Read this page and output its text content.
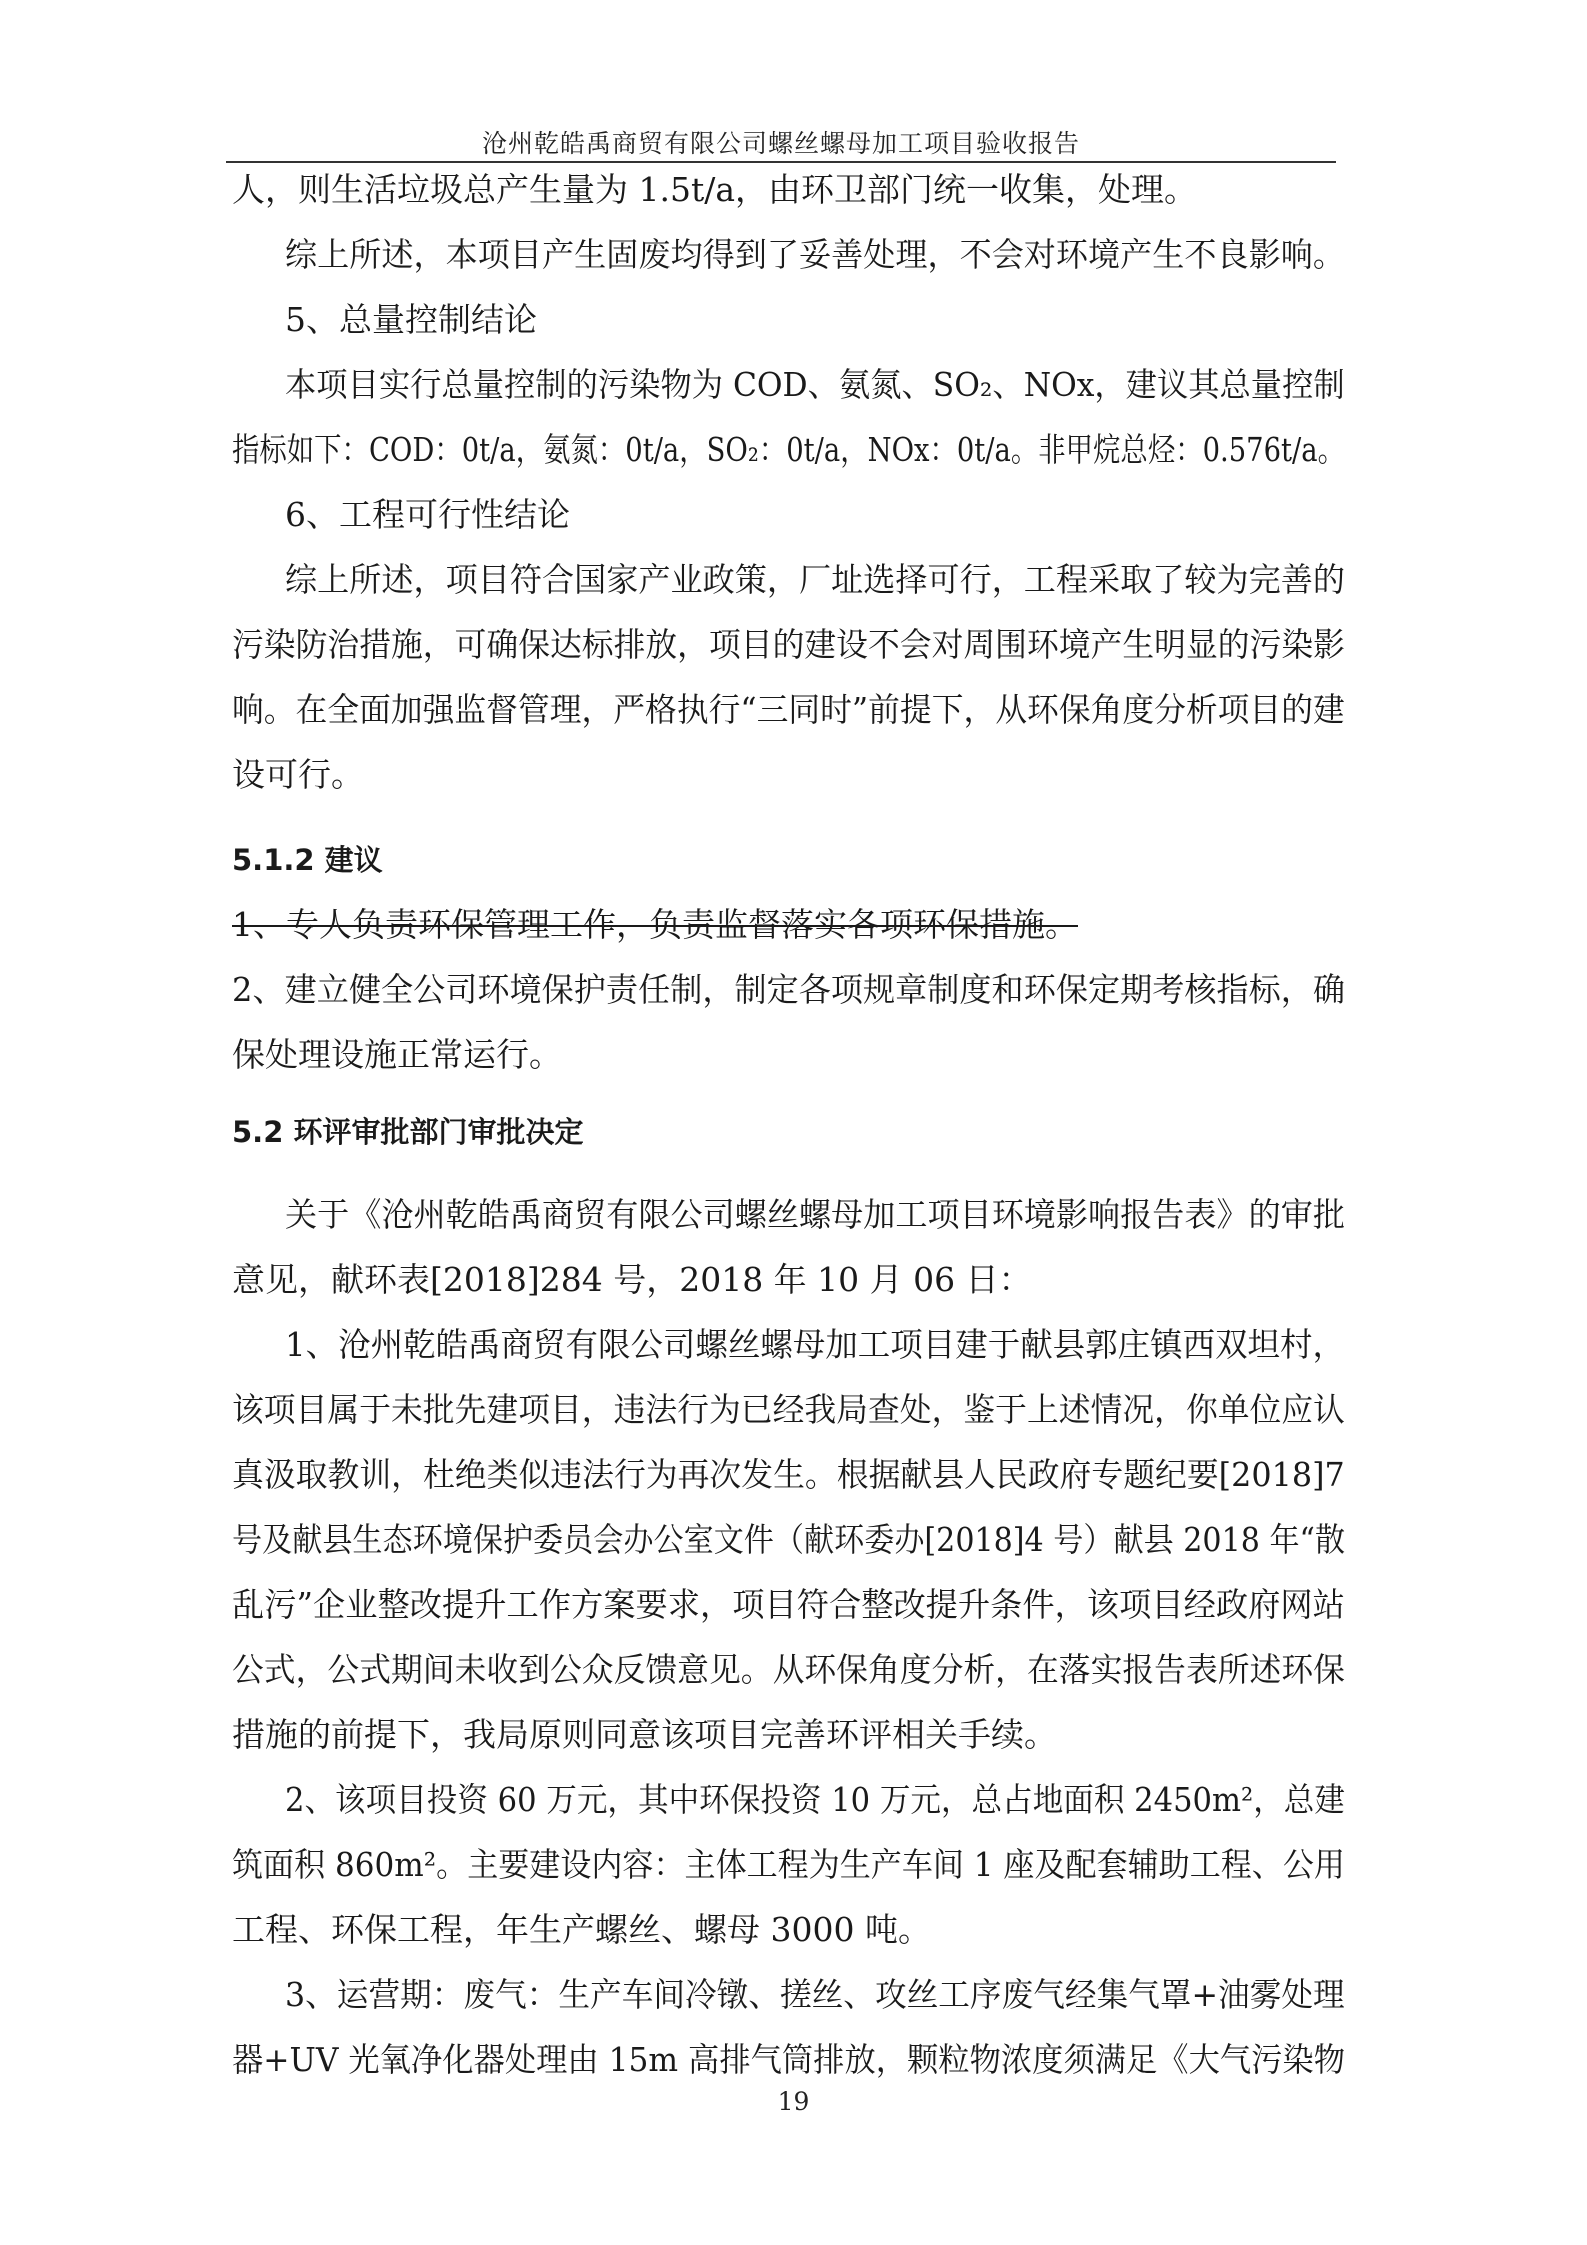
沧州乾皓禹商贸有限公司螺丝螺母加工项目验收报告
人，则生活垃圾总产生量为 1.5t/a，由环卫部门统一收集，处理。
综上所述，本项目产生固废均得到了妥善处理，不会对环境产生不良影响。
5、总量控制结论
本项目实行总量控制的污染物为 COD、氨氮、SO₂、NOx，建议其总量控制
指标如下：COD：0t/a，氨氮：0t/a，SO₂：0t/a，NOx：0t/a。非甲烷总烃：0.576t/a。
6、工程可行性结论
综上所述，项目符合国家产业政策，厂址选择可行，工程采取了较为完善的
污染防治措施，可确保达标排放，项目的建设不会对周围环境产生明显的污染影
响。在全面加强监督管理，严格执行“三同时”前提下，从环保角度分析项目的建
设可行。
5.1.2 建议
1、专人负责环保管理工作，负责监督落实各项环保措施。
2、建立健全公司环境保护责任制，制定各项规章制度和环保定期考核指标，确
保处理设施正常运行。
5.2 环评审批部门审批决定
关于《沧州乾皓禹商贸有限公司螺丝螺母加工项目环境影响报告表》的审批
意见，献环表[2018]284 号，2018 年 10 月 06 日：
1、沧州乾皓禹商贸有限公司螺丝螺母加工项目建于献县郭庄镇西双坦村，
该项目属于未批先建项目，违法行为已经我局查处，鉴于上述情况，你单位应认
真汲取教训，杜绝类似违法行为再次发生。根据献县人民政府专题纪要[2018]7
号及献县生态环境保护委员会办公室文件（献环委办[2018]4 号）献县 2018 年“散
乱污”企业整改提升工作方案要求，项目符合整改提升条件，该项目经政府网站
公式，公式期间未收到公众反馈意见。从环保角度分析，在落实报告表所述环保
措施的前提下，我局原则同意该项目完善环评相关手续。
2、该项目投资 60 万元，其中环保投资 10 万元，总占地面积 2450m²，总建
筑面积 860m²。主要建设内容：主体工程为生产车间 1 座及配套辅助工程、公用
工程、环保工程，年生产螺丝、螺母 3000 吨。
3、运营期：废气：生产车间冷镦、搓丝、攻丝工序废气经集气罩+油雾处理
器+UV 光氧净化器处理由 15m 高排气筒排放，颗粒物浓度须满足《大气污染物
19
